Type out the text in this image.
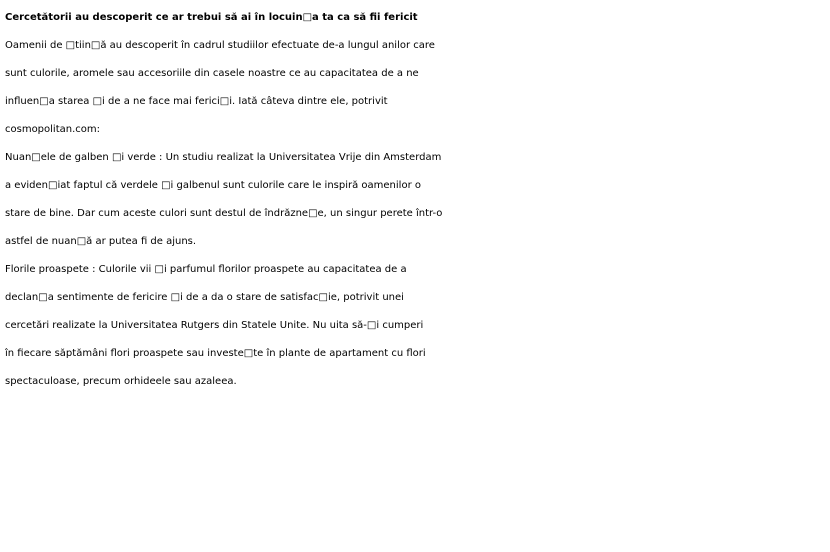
Cercetătorii au descoperit ce ar trebui să ai în locuin□a ta ca să fii fericit
Oamenii de □tiin□ă au descoperit în cadrul studiilor efectuate de-a lungul anilor care
sunt culorile, aromele sau accesoriile din casele noastre ce au capacitatea de a ne
influen□a starea □i de a ne face mai ferici□i. Iată câteva dintre ele, potrivit
cosmopolitan.com:
Nuan□ele de galben □i verde : Un studiu realizat la Universitatea Vrije din Amsterdam
a eviden□iat faptul că verdele □i galbenul sunt culorile care le inspiră oamenilor o
stare de bine. Dar cum aceste culori sunt destul de îndrăzne□e, un singur perete într-o
astfel de nuan□ă ar putea fi de ajuns.
Florile proaspete : Culorile vii □i parfumul florilor proaspete au capacitatea de a
declan□a sentimente de fericire □i de a da o stare de satisfac□ie, potrivit unei
cercetări realizate la Universitatea Rutgers din Statele Unite. Nu uita să-□i cumperi
în fiecare săptămâni flori proaspete sau investe□te în plante de apartament cu flori
spectaculoase, precum orhideele sau azaleea.
